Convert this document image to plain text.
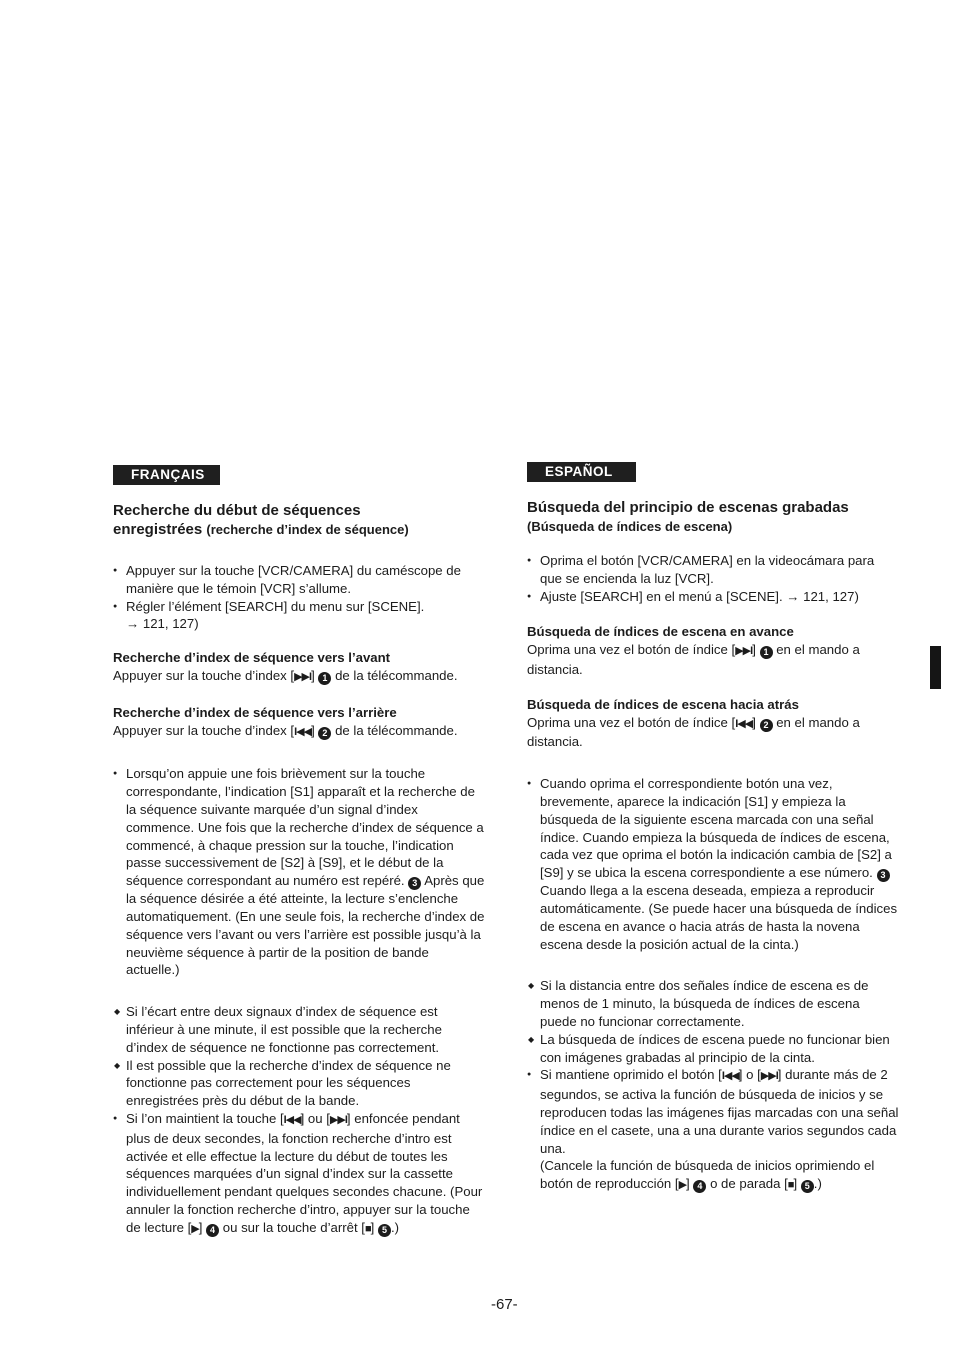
FRANÇAIS

Recherche du début de séquences
enregistrées (recherche d’index de séquence)

● Appuyer sur la touche [VCR/CAMERA] du caméscope de manière que le témoin [VCR] s’allume.
● Régler l’élément [SEARCH] du menu sur [SCENE].
→ 121, 127)
Recherche d’index de séquence vers l’avant
Appuyer sur la touche d’index [▶▶I] 1 de la télécommande.
Recherche d’index de séquence vers l’arrière
Appuyer sur la touche d’index [I◀◀] 2 de la télécommande.
● Lorsqu’on appuie une fois brièvement sur la touche correspondante, l’indication [S1] apparaît et la recherche de la séquence suivante marquée d’un signal d’index commence. Une fois que la recherche d’index de séquence a commencé, à chaque pression sur la touche, l’indication passe successivement de [S2] à [S9], et le début de la séquence correspondant au numéro est repéré. 3 Après que la séquence désirée a été atteinte, la lecture s’enclenche automatiquement. (En une seule fois, la recherche d’index de séquence vers l’avant ou vers l’arrière est possible jusqu’à la neuvième séquence à partir de la position de bande actuelle.)
◆ Si l’écart entre deux signaux d’index de séquence est inférieur à une minute, il est possible que la recherche d’index de séquence ne fonctionne pas correctement.
◆ Il est possible que la recherche d’index de séquence ne fonctionne pas correctement pour les séquences enregistrées près du début de la bande.
● Si l’on maintient la touche [I◀◀] ou [▶▶I] enfoncée pendant plus de deux secondes, la fonction recherche d’intro est activée et elle effectue la lecture du début de toutes les séquences marquées d’un signal d’index sur la cassette individuellement pendant quelques secondes chacune. (Pour annuler la fonction recherche d’intro, appuyer sur la touche de lecture [▶] 4 ou sur la touche d’arrêt [■] 5 .)
ESPAÑOL

Búsqueda del principio de escenas grabadas

(Búsqueda de índices de escena)

● Oprima el botón [VCR/CAMERA] en la videocámara para que se encienda la luz [VCR].
● Ajuste [SEARCH] en el menú a [SCENE]. → 121, 127)
Búsqueda de índices de escena en avance
Oprima una vez el botón de índice [▶▶I] 1 en el mando a distancia.
Búsqueda de índices de escena hacia atrás
Oprima una vez el botón de índice [I◀◀] 2 en el mando a distancia.
● Cuando oprima el correspondiente botón una vez, brevemente, aparece la indicación [S1] y empieza la búsqueda de la siguiente escena marcada con una señal índice. Cuando empieza la búsqueda de índices de escena, cada vez que oprima el botón la indicación cambia de [S2] a [S9] y se ubica la escena correspondiente a ese número. 3
Cuando llega a la escena deseada, empieza a reproducir automáticamente. (Se puede hacer una búsqueda de índices de escena en avance o hacia atrás de hasta la novena escena desde la posición actual de la cinta.)
◆ Si la distancia entre dos señales índice de escena es de menos de 1 minuto, la búsqueda de índices de escena puede no funcionar correctamente.
◆ La búsqueda de índices de escena puede no funcionar bien con imágenes grabadas al principio de la cinta.
● Si mantiene oprimido el botón [I◀◀] o [▶▶I] durante más de 2 segundos, se activa la función de búsqueda de inicios y se reproducen todas las imágenes fijas marcadas con una señal índice en el casete, una a una durante varios segundos cada una.
(Cancele la función de búsqueda de inicios oprimiendo el botón de reproducción [▶] 4 o de parada [■] 5 .)
-67-
